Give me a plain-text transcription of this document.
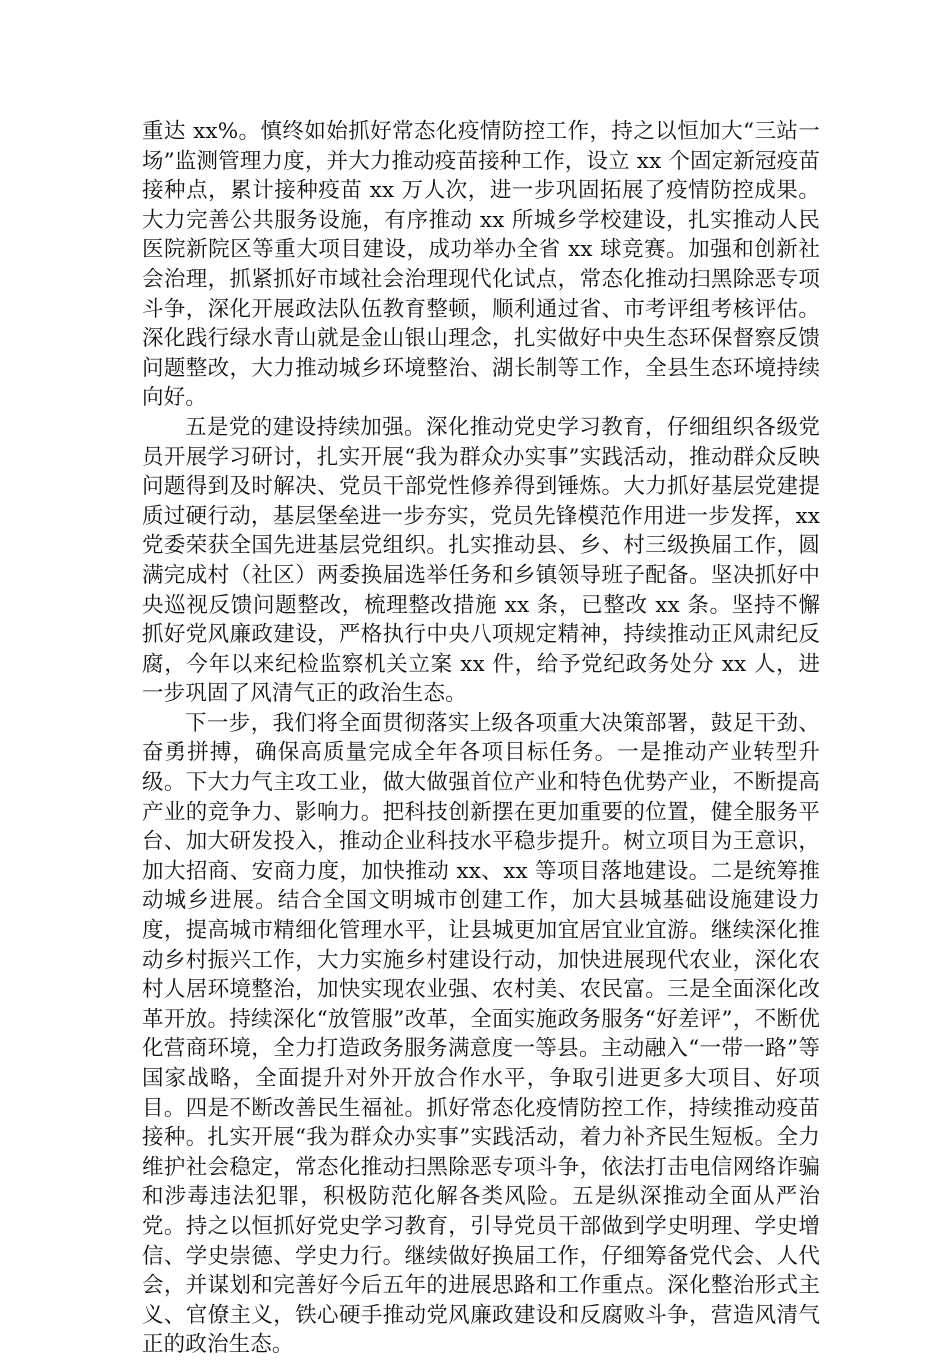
重达 xx%。慎终如始抓好常态化疫情防控工作，持之以恒加大“三站一场”监测管理力度，并大力推动疫苗接种工作，设立 xx 个固定新冠疫苗接种点，累计接种疫苗 xx 万人次，进一步巩固拓展了疫情防控成果。大力完善公共服务设施，有序推动 xx 所城乡学校建设，扎实推动人民医院新院区等重大项目建设，成功举办全省 xx 球竞赛。加强和创新社会治理，抓紧抓好市域社会治理现代化试点，常态化推动扫黑除恶专项斗争，深化开展政法队伍教育整顿，顺利通过省、市考评组考核评估。深化践行绿水青山就是金山银山理念，扎实做好中央生态环保督察反馈问题整改，大力推动城乡环境整治、湖长制等工作，全县生态环境持续向好。

五是党的建设持续加强。深化推动党史学习教育，仔细组织各级党员开展学习研讨，扎实开展“我为群众办实事”实践活动，推动群众反映问题得到及时解决、党员干部党性修养得到锤炼。大力抓好基层党建提质过硬行动，基层堡垒进一步夯实，党员先锋模范作用进一步发挥，xx 党委荣获全国先进基层党组织。扎实推动县、乡、村三级换届工作，圆满完成村（社区）两委换届选举任务和乡镇领导班子配备。坚决抓好中央巡视反馈问题整改，梳理整改措施 xx 条，已整改 xx 条。坚持不懈抓好党风廉政建设，严格执行中央八项规定精神，持续推动正风肃纪反腐，今年以来纪检监察机关立案 xx 件，给予党纪政务处分 xx 人，进一步巩固了风清气正的政治生态。

下一步，我们将全面贯彻落实上级各项重大决策部署，鼓足干劲、奋勇拼搏，确保高质量完成全年各项目标任务。一是推动产业转型升级。下大力气主攻工业，做大做强首位产业和特色优势产业，不断提高产业的竞争力、影响力。把科技创新摆在更加重要的位置，健全服务平台、加大研发投入，推动企业科技水平稳步提升。树立项目为王意识，加大招商、安商力度，加快推动 xx、xx 等项目落地建设。二是统筹推动城乡进展。结合全国文明城市创建工作，加大县城基础设施建设力度，提高城市精细化管理水平，让县城更加宜居宜业宜游。继续深化推动乡村振兴工作，大力实施乡村建设行动，加快进展现代农业，深化农村人居环境整治，加快实现农业强、农村美、农民富。三是全面深化改革开放。持续深化“放管服”改革，全面实施政务服务“好差评”，不断优化营商环境，全力打造政务服务满意度一等县。主动融入“一带一路”等国家战略，全面提升对外开放合作水平，争取引进更多大项目、好项目。四是不断改善民生福祉。抓好常态化疫情防控工作，持续推动疫苗接种。扎实开展“我为群众办实事”实践活动，着力补齐民生短板。全力维护社会稳定，常态化推动扫黑除恶专项斗争，依法打击电信网络诈骗和涉毒违法犯罪，积极防范化解各类风险。五是纵深推动全面从严治党。持之以恒抓好党史学习教育，引导党员干部做到学史明理、学史增信、学史崇德、学史力行。继续做好换届工作，仔细筹备党代会、人代会，并谋划和完善好今后五年的进展思路和工作重点。深化整治形式主义、官僚主义，铁心硬手推动党风廉政建设和反腐败斗争，营造风清气正的政治生态。
